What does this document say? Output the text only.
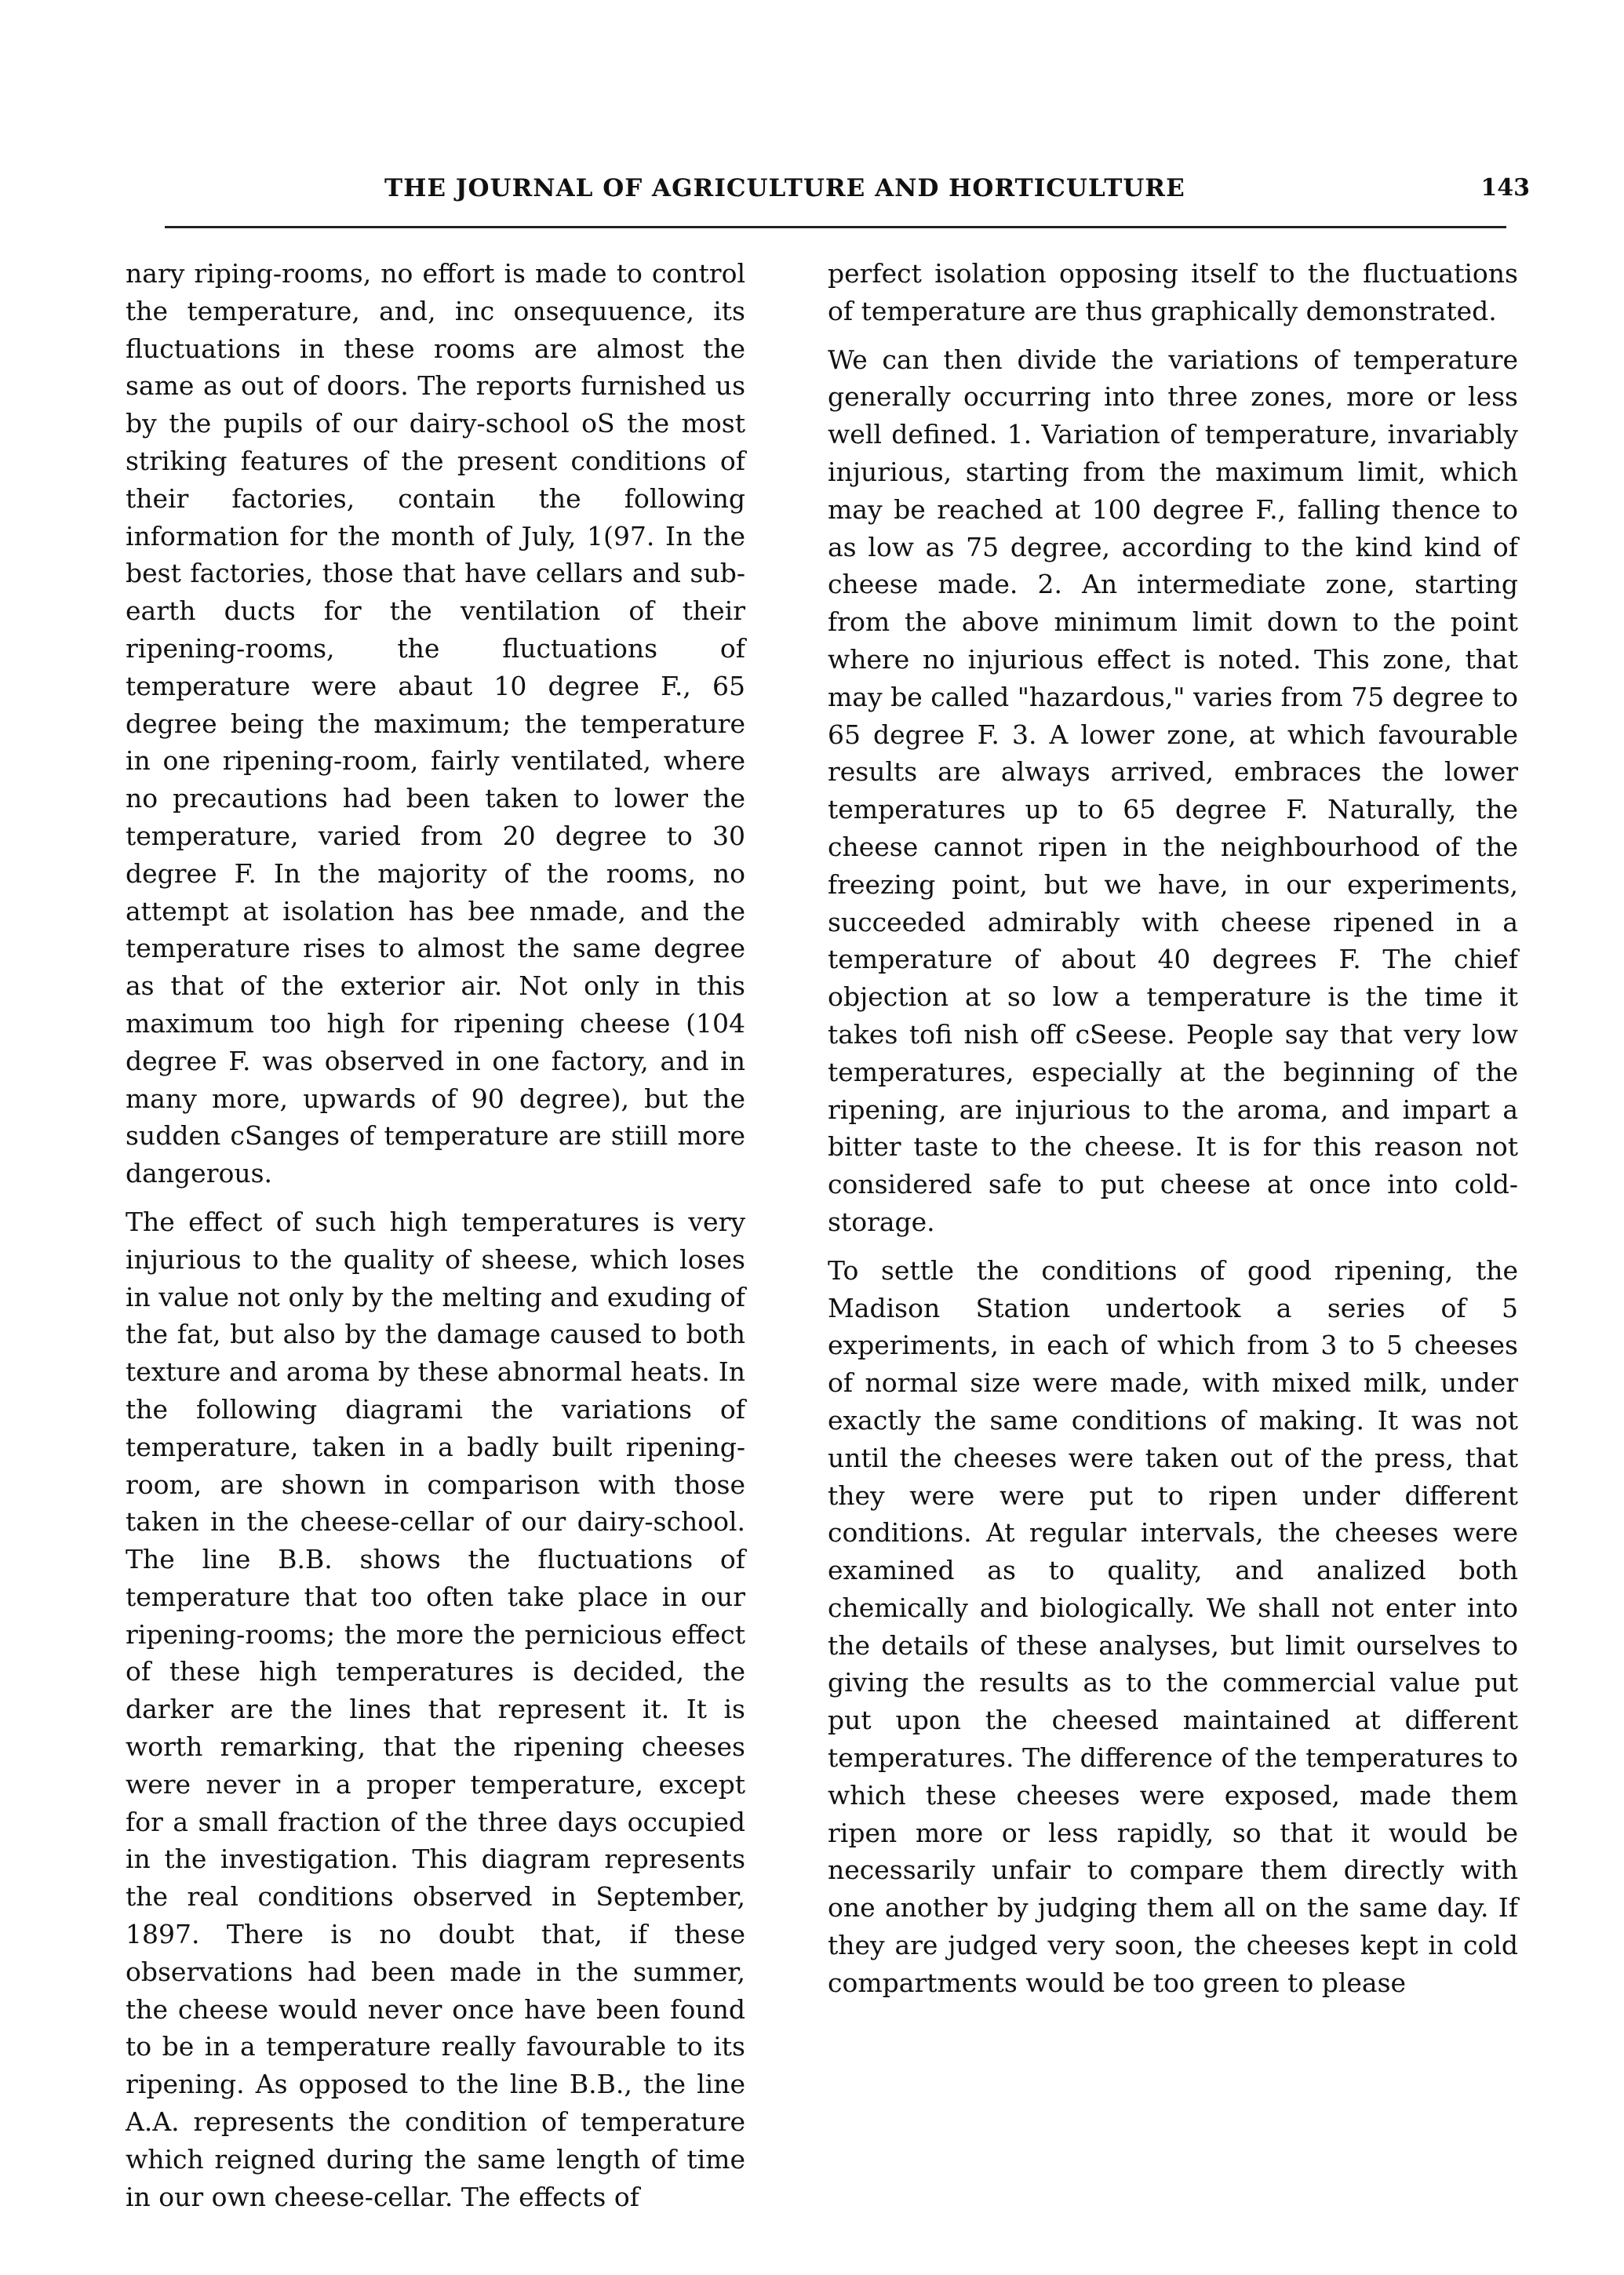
THE JOURNAL OF AGRICULTURE AND HORTICULTURE	143

nary riping-rooms, no effort is made to control the temperature, and, inc onsequuence, its fluctuations in these rooms are almost the same as out of doors. The reports furnished us by the pupils of our dairy-school oS the most striking features of the present conditions of their factories, contain the following information for the month of July, 1(97. In the best factories, those that have cellars and sub-earth ducts for the ventilation of their ripening-rooms, the fluctuations of temperature were abaut 10 degree F., 65 degree being the maximum; the temperature in one ripening-room, fairly ventilated, where no precautions had been taken to lower the temperature, varied from 20 degree to 30 degree F. In the majority of the rooms, no attempt at isolation has bee nmade, and the temperature rises to almost the same degree as that of the exterior air. Not only in this maximum too high for ripening cheese (104 degree F. was observed in one factory, and in many more, upwards of 90 degree), but the sudden cSanges of temperature are stiill more dangerous.

The effect of such high temperatures is very injurious to the quality of sheese, which loses in value not only by the melting and exuding of the fat, but also by the damage caused to both texture and aroma by these abnormal heats. In the following diagrami the variations of temperature, taken in a badly built ripening-room, are shown in comparison with those taken in the cheese-cellar of our dairy-school. The line B.B. shows the fluctuations of temperature that too often take place in our ripening-rooms; the more the pernicious effect of these high temperatures is decided, the darker are the lines that represent it. It is worth remarking, that the ripening cheeses were never in a proper temperature, except for a small fraction of the three days occupied in the investigation. This diagram represents the real conditions observed in September, 1897. There is no doubt that, if these observations had been made in the summer, the cheese would never once have been found to be in a temperature really favourable to its ripening. As opposed to the line B.B., the line A.A. represents the condition of temperature which reigned during the same length of time in our own cheese-cellar. The effects of

perfect isolation opposing itself to the fluctuations of temperature are thus graphically demonstrated.

We can then divide the variations of temperature generally occurring into three zones, more or less well defined. 1. Variation of temperature, invariably injurious, starting from the maximum limit, which may be reached at 100 degree F., falling thence to as low as 75 degree, according to the kind kind of cheese made. 2. An intermediate zone, starting from the above minimum limit down to the point where no injurious effect is noted. This zone, that may be called "hazardous," varies from 75 degree to 65 degree F. 3. A lower zone, at which favourable results are always arrived, embraces the lower temperatures up to 65 degree F. Naturally, the cheese cannot ripen in the neighbourhood of the freezing point, but we have, in our experiments, succeeded admirably with cheese ripened in a temperature of about 40 degrees F. The chief objection at so low a temperature is the time it takes tofi nish off cSeese. People say that very low temperatures, especially at the beginning of the ripening, are injurious to the aroma, and impart a bitter taste to the cheese. It is for this reason not considered safe to put cheese at once into cold-storage.

To settle the conditions of good ripening, the Madison Station undertook a series of 5 experiments, in each of which from 3 to 5 cheeses of normal size were made, with mixed milk, under exactly the same conditions of making. It was not until the cheeses were taken out of the press, that they were were put to ripen under different conditions. At regular intervals, the cheeses were examined as to quality, and analized both chemically and biologically. We shall not enter into the details of these analyses, but limit ourselves to giving the results as to the commercial value put put upon the cheesed maintained at different temperatures. The difference of the temperatures to which these cheeses were exposed, made them ripen more or less rapidly, so that it would be necessarily unfair to compare them directly with one another by judging them all on the same day. If they are judged very soon, the cheeses kept in cold compartments would be too green to please
